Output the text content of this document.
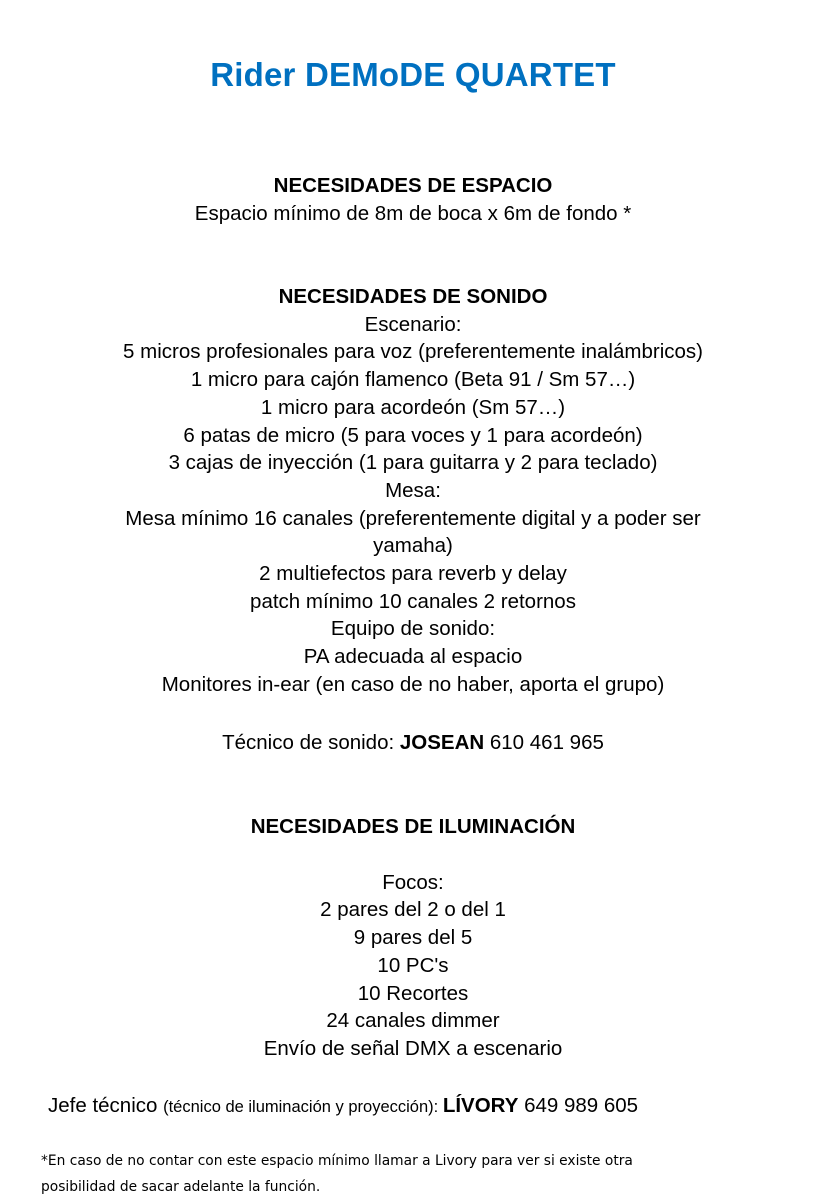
Rider DEMoDE QUARTET
NECESIDADES DE ESPACIO
Espacio mínimo de 8m de boca x 6m de fondo *
NECESIDADES DE SONIDO
Escenario:
5 micros profesionales para voz (preferentemente inalámbricos)
1 micro para cajón flamenco (Beta 91 / Sm 57…)
1 micro para acordeón (Sm 57…)
6 patas de micro (5 para voces y 1 para acordeón)
3 cajas de inyección (1 para guitarra y 2 para teclado)
Mesa:
Mesa mínimo 16 canales (preferentemente digital y a poder ser
yamaha)
2 multiefectos para reverb y delay
patch mínimo 10 canales 2 retornos
Equipo de sonido:
PA adecuada al espacio
Monitores in-ear (en caso de no haber, aporta el grupo)
Técnico de sonido: JOSEAN 610 461 965
NECESIDADES DE ILUMINACIÓN
Focos:
2 pares del 2 o del 1
9 pares del 5
10 PC's
10 Recortes
24 canales dimmer
Envío de señal DMX a escenario
Jefe técnico (técnico de iluminación y proyección): LÍVORY 649 989 605
*En caso de no contar con este espacio mínimo llamar a Livory para ver si existe otra
posibilidad de sacar adelante la función.
